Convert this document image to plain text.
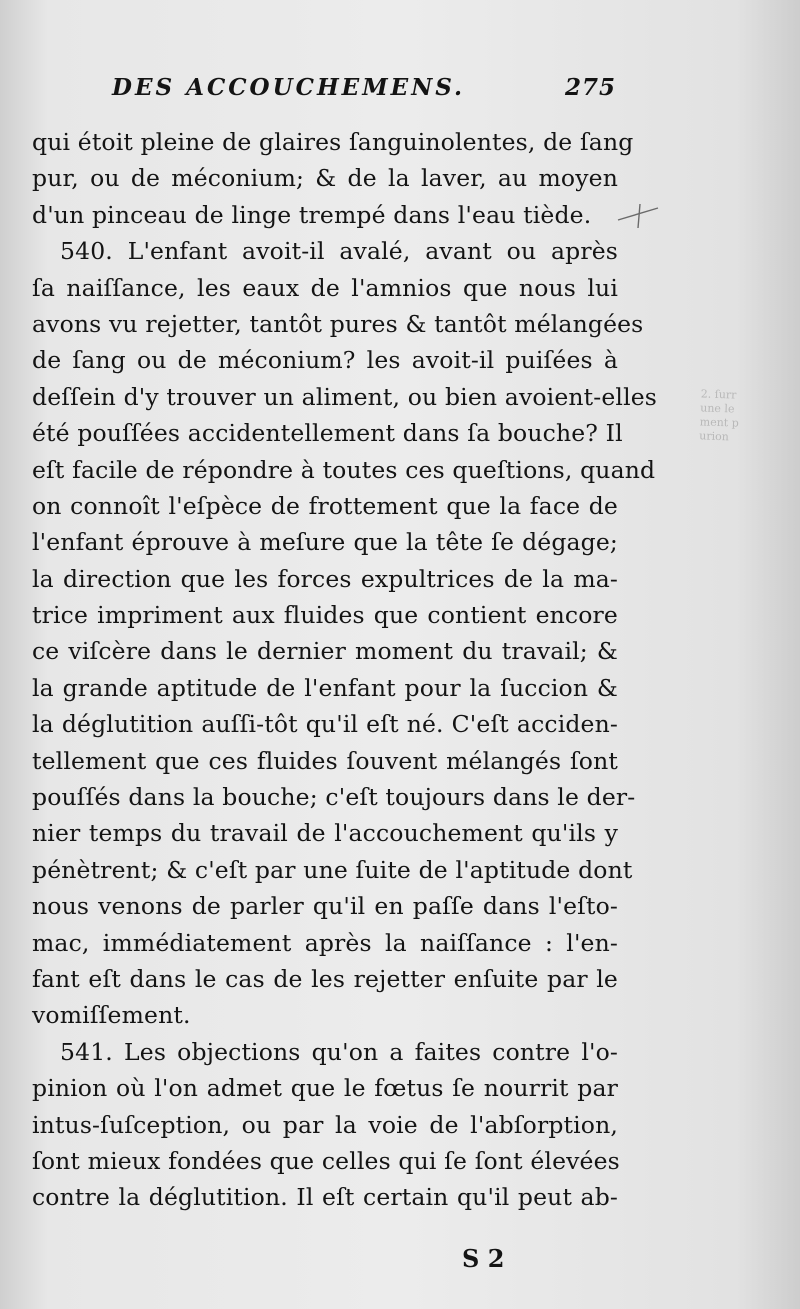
DES ACCOUCHEMENS.	275
qui étoit pleine de glaires ſanguinolentes, de ſang
pur, ou de méconium; & de la laver, au moyen
d'un pinceau de linge trempé dans l'eau tiède.
540. L'enfant avoit-il avalé, avant ou après
ſa naiſſance, les eaux de l'amnios que nous lui
avons vu rejetter, tantôt pures & tantôt mélangées
de ſang ou de méconium? les avoit-il puiſées à
deſſein d'y trouver un aliment, ou bien avoient-elles
été pouſſées accidentellement dans ſa bouche? Il
eſt facile de répondre à toutes ces queſtions, quand
on connoît l'eſpèce de frottement que la face de
l'enfant éprouve à meſure que la tête ſe dégage;
la direction que les forces expultrices de la ma-
trice impriment aux fluides que contient encore
ce viſcère dans le dernier moment du travail; &
la grande aptitude de l'enfant pour la ſuccion &
la déglutition auſſi-tôt qu'il eſt né. C'eſt acciden-
tellement que ces fluides ſouvent mélangés ſont
pouſſés dans la bouche; c'eſt toujours dans le der-
nier temps du travail de l'accouchement qu'ils y
pénètrent; & c'eſt par une ſuite de l'aptitude dont
nous venons de parler qu'il en paſſe dans l'eſto-
mac, immédiatement après la naiſſance : l'en-
fant eſt dans le cas de les rejetter enſuite par le
vomiſſement.
541. Les objections qu'on a faites contre l'o-
pinion où l'on admet que le fœtus ſe nourrit par
intus-ſuſception, ou par la voie de l'abſorption,
ſont mieux fondées que celles qui ſe ſont élevées
contre la déglutition. Il eſt certain qu'il peut ab-
S 2
2. ſurr
une le
ment p
urion
